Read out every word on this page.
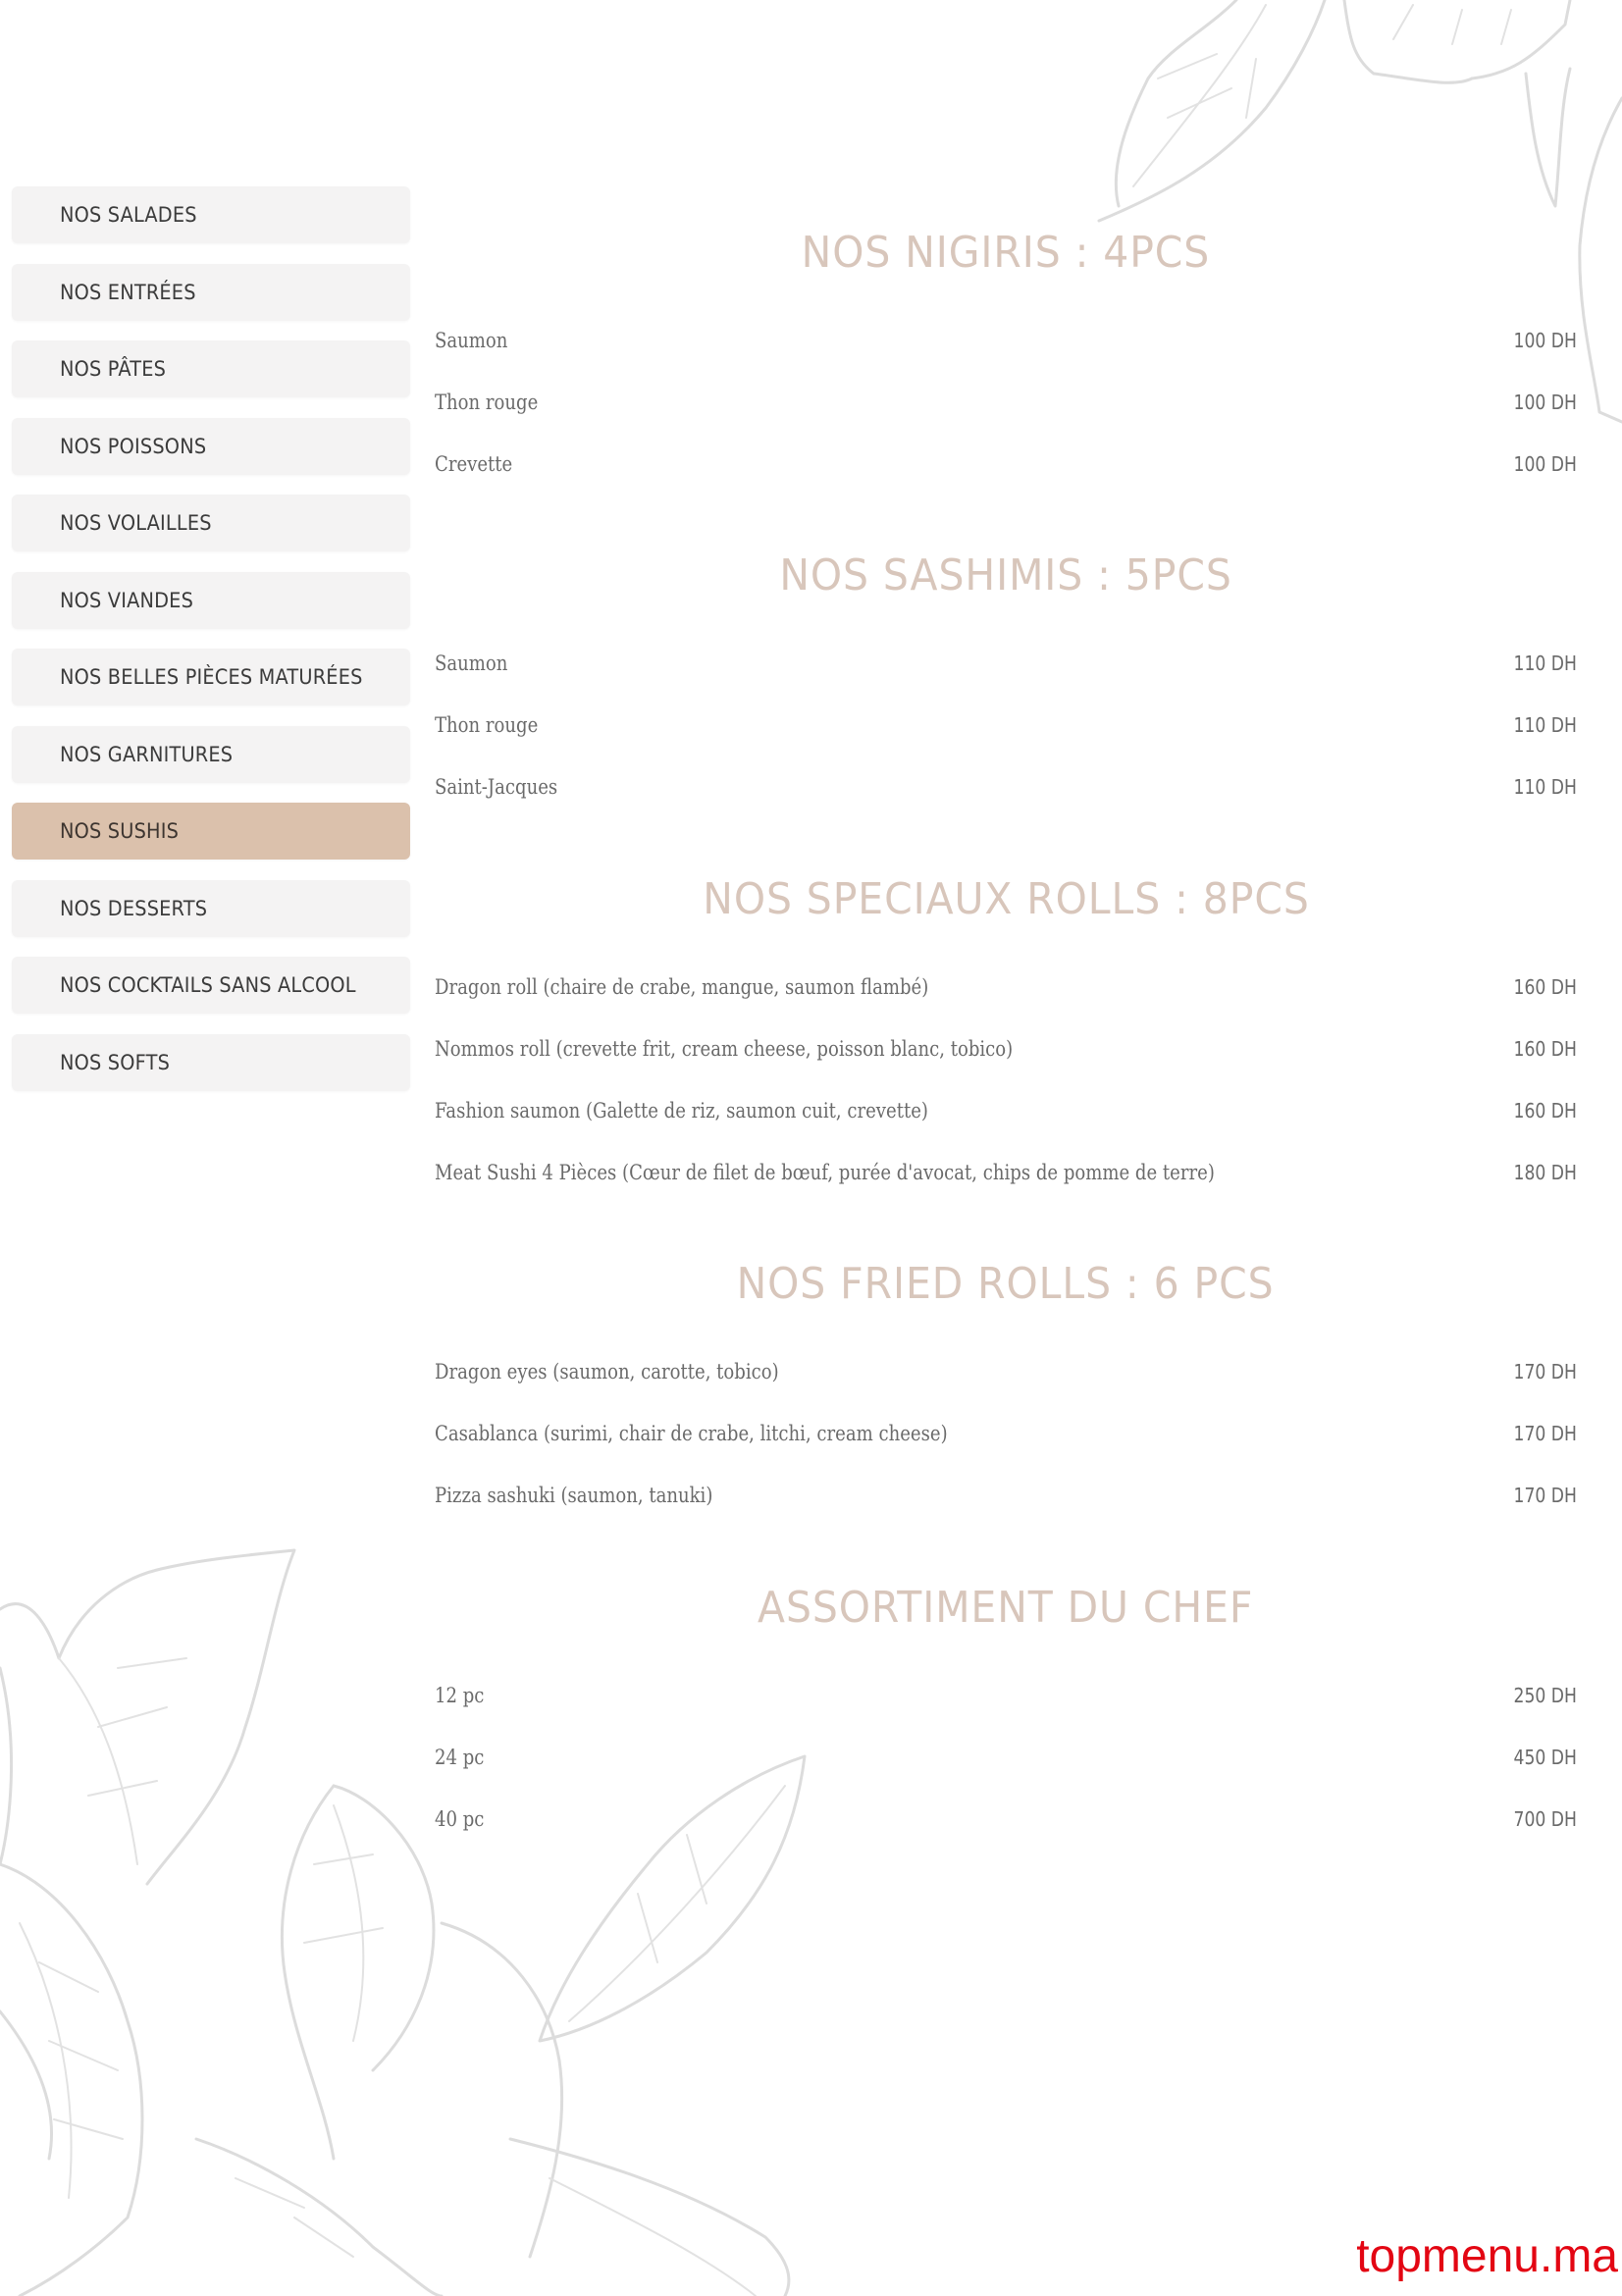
NOS SALADES
NOS ENTRÉES
NOS PÂTES
NOS POISSONS
NOS VOLAILLES
NOS VIANDES
NOS BELLES PIÈCES MATURÉES
NOS GARNITURES
NOS SUSHIS
NOS DESSERTS
NOS COCKTAILS SANS ALCOOL
NOS SOFTS
NOS NIGIRIS : 4PCS
Saumon	100 DH
Thon rouge	100 DH
Crevette	100 DH
NOS SASHIMIS : 5PCS
Saumon	110 DH
Thon rouge	110 DH
Saint-Jacques	110 DH
NOS SPECIAUX ROLLS : 8PCS
Dragon roll (chaire de crabe, mangue, saumon flambé)	160 DH
Nommos roll (crevette frit, cream cheese, poisson blanc, tobico)	160 DH
Fashion saumon (Galette de riz, saumon cuit, crevette)	160 DH
Meat Sushi 4 Pièces (Cœur de filet de bœuf, purée d'avocat, chips de pomme de terre)	180 DH
NOS FRIED ROLLS : 6 PCS
Dragon eyes (saumon, carotte, tobico)	170 DH
Casablanca (surimi, chair de crabe, litchi, cream cheese)	170 DH
Pizza sashuki (saumon, tanuki)	170 DH
ASSORTIMENT DU CHEF
12 pc	250 DH
24 pc	450 DH
40 pc	700 DH
topmenu.ma
